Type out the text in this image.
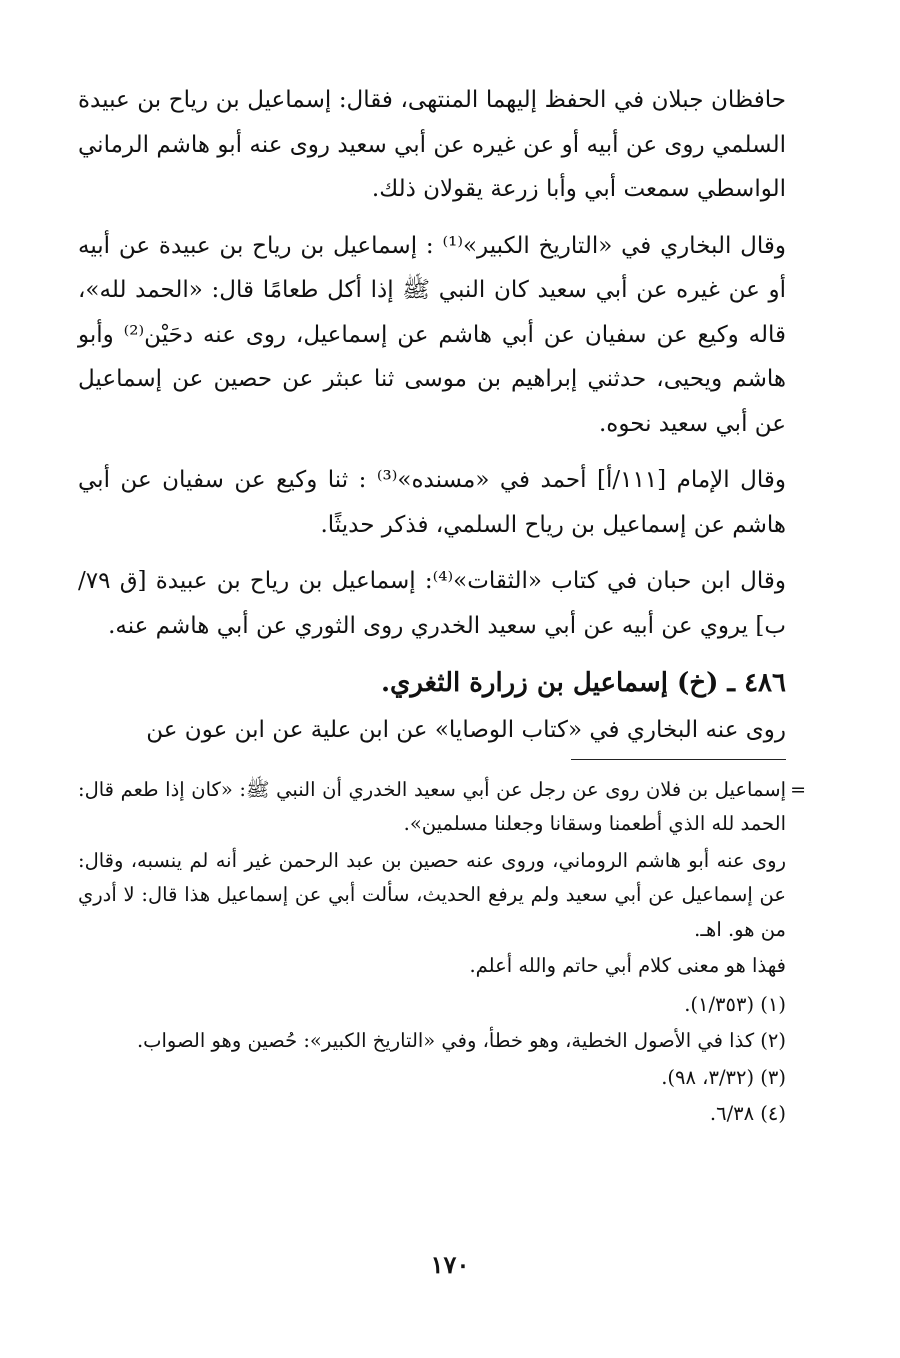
حافظان جبلان في الحفظ إليهما المنتهى، فقال: إسماعيل بن رياح بن عبيدة السلمي روى عن أبيه أو عن غيره عن أبي سعيد روى عنه أبو هاشم الرماني الواسطي سمعت أبي وأبا زرعة يقولان ذلك.

وقال البخاري في «التاريخ الكبير»⁽¹⁾ : إسماعيل بن رياح بن عبيدة عن أبيه أو عن غيره عن أبي سعيد كان النبي ﷺ إذا أكل طعامًا قال: «الحمد لله»، قاله وكيع عن سفيان عن أبي هاشم عن إسماعيل، روى عنه دحَيْن⁽²⁾ وأبو هاشم ويحيى، حدثني إبراهيم بن موسى ثنا عبثر عن حصين عن إسماعيل عن أبي سعيد نحوه.

وقال الإمام [١١١/أ] أحمد في «مسنده»⁽³⁾ : ثنا وكيع عن سفيان عن أبي هاشم عن إسماعيل بن رياح السلمي، فذكر حديثًا.

وقال ابن حبان في كتاب «الثقات»⁽⁴⁾: إسماعيل بن رياح بن عبيدة [ق ٧٩/ب] يروي عن أبيه عن أبي سعيد الخدري روى الثوري عن أبي هاشم عنه.

٤٨٦ ـ (خ) إسماعيل بن زرارة الثغري.

روى عنه البخاري في «كتاب الوصايا» عن ابن علية عن ابن عون عن

=

إسماعيل بن فلان روى عن رجل عن أبي سعيد الخدري أن النبي ﷺ: «كان إذا طعم قال: الحمد لله الذي أطعمنا وسقانا وجعلنا مسلمين».

روى عنه أبو هاشم الروماني، وروى عنه حصين بن عبد الرحمن غير أنه لم ينسبه، وقال: عن إسماعيل عن أبي سعيد ولم يرفع الحديث، سألت أبي عن إسماعيل هذا قال: لا أدري من هو. اهـ.

فهذا هو معنى كلام أبي حاتم والله أعلم.

(١) (١/٣٥٣).

(٢) كذا في الأصول الخطية، وهو خطأ، وفي «التاريخ الكبير»: حُصين وهو الصواب.

(٣) (٣/٣٢، ٩٨).

(٤) ٦/٣٨.

١٧٠
